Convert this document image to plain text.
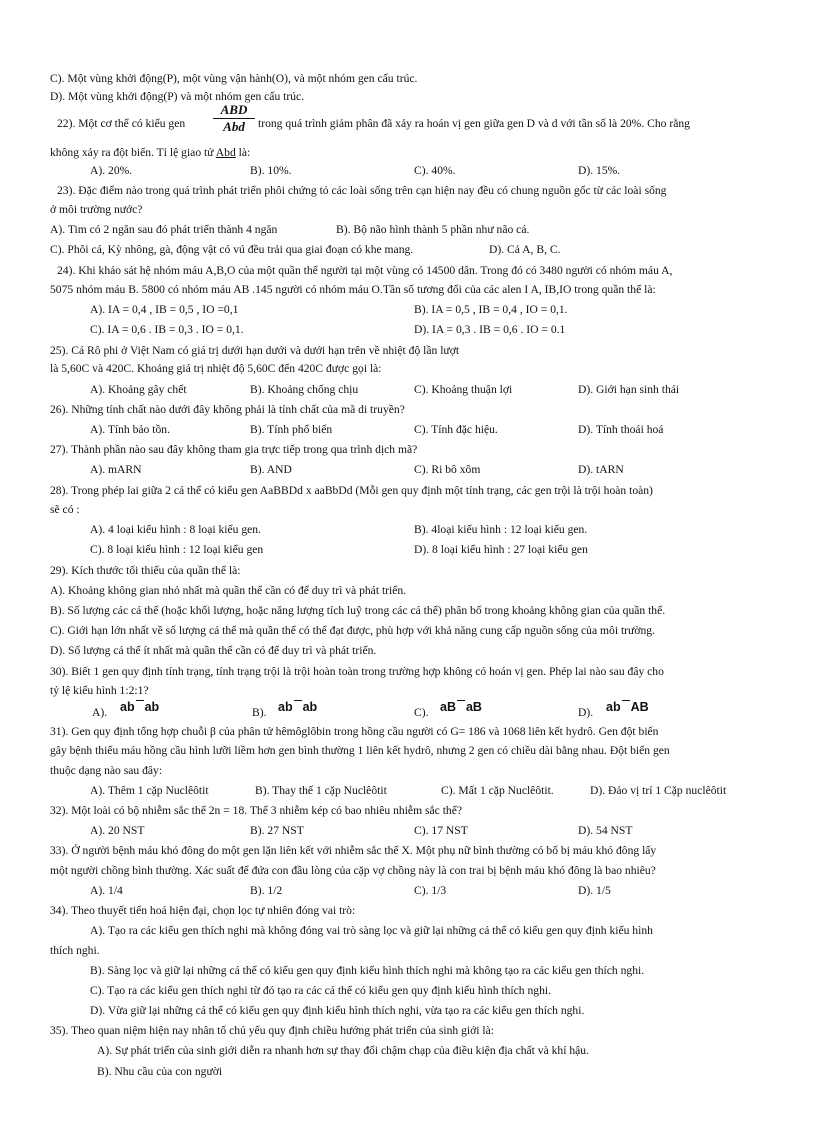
C). Một vùng khởi động(P), một vùng vận hành(O), và một nhóm gen cấu trúc.
D). Một vùng khởi động(P) và một nhóm gen cấu trúc.
22). Một cơ thể có kiểu gen
ABD
Abd	trong quá trình giảm phân đã xảy ra hoán vị gen giữa gen D và d với tần số là 20%. Cho rằng
không xảy ra đột biến. Tỉ lệ giao tử Abd là:
A). 20%.	B). 10%.	C). 40%.	D). 15%.
23). Đặc điểm nào trong quá trình phát triển phôi chứng tỏ các loài sống trên cạn hiện nay đều có chung nguồn gốc từ các loài sống
ở môi trường nước?
A). Tim có 2 ngăn sau đó phát triển thành 4 ngăn	B). Bộ não hình thành 5 phần như não cá.
C). Phôi cá, Kỳ nhông, gà, động vật có vú đều trải qua giai đoạn có khe mang.	D). Cả A, B, C.
24). Khi khảo sát hệ nhóm máu A,B,O của một quần thể người tại một vùng có 14500 dân. Trong đó có 3480 người có nhóm máu A,
5075 nhóm máu B. 5800 có nhóm máu AB .145 người có nhóm máu O.Tần số tương đối của các alen I A, IB,IO trong quần thể là:
A). IA = 0,4 , IB = 0,5 , IO =0,1	B). IA = 0,5 , IB = 0,4 , IO = 0,1.
C). IA = 0,6 . IB = 0,3 . IO = 0,1.	D). IA = 0,3 . IB = 0,6 . IO = 0.1
25). Cá Rô phi ở Việt Nam có giá trị dưới hạn dưới và dưới hạn trên về nhiệt độ lần lượt
là 5,60C và 420C. Khoảng giá trị nhiệt độ 5,60C đến 420C được gọi là:
A). Khoảng gây chết	B). Khoảng chống chịu	C). Khoảng thuận lợi	D). Giới hạn sinh thái
26). Những tính chất nào dưới đây không phải là tính chất của mã di truyền?
A). Tính bảo tồn.	B). Tính phổ biến	C). Tính đặc hiệu.	D). Tính thoái hoá
27). Thành phần nào sau đây không tham gia trực tiếp trong qua trình dịch mã?
A). mARN	B). AND	C). Ri bô xôm	D). tARN
28). Trong phép lai giữa 2 cá thể có kiểu gen AaBBDd x aaBbDd (Mỗi gen quy định một tính trạng, các gen trội là trội hoàn toàn)
sẽ có :
A). 4 loại kiểu hình : 8 loại kiểu gen.	B). 4loại kiểu hình : 12 loại kiểu gen.
C). 8 loại kiểu hình : 12 loại kiểu gen	D). 8 loại kiểu hình : 27 loại kiểu gen
29). Kích thước tối thiểu của quần thể là:
A). Khoảng không gian nhỏ nhất mà quần thể cần có để duy trì và phát triển.
B). Số lượng các cá thể (hoặc khối lượng, hoặc năng lượng tích luỹ trong các cá thể) phân bố trong khoảng không gian của quần thể.
C). Giới hạn lớn nhất về số lượng cá thể mà quần thể có thể đạt được, phù hợp với khả năng cung cấp nguồn sống của môi trường.
D). Số lượng cá thể ít nhất mà quần thể cần có để duy trì và phát triển.
30). Biết 1 gen quy định tính trạng, tính trạng trội là trội hoàn toàn trong trường hợp không có hoán vị gen. Phép lai nào sau đây cho
tỷ lệ kiểu hình 1:2:1?
A). ab ab	B). ab ab	C). aB aB	D). ab AB
31). Gen quy định tổng hợp chuỗi β của phân tử hêmôglôbin trong hồng cầu người có G= 186 và 1068 liên kết hydrô. Gen đột biến
gây bệnh thiếu máu hồng cầu hình lưỡi liềm hơn gen bình thường 1 liên kết hydrô, nhưng 2 gen có chiều dài bằng nhau. Đột biến gen
thuộc dạng nào sau đây:
A). Thêm 1 cặp Nuclêôtit	B). Thay thế 1 cặp Nuclêôtit	C). Mất 1 cặp Nuclêôtit.	D). Đảo vị trí 1 Cặp nuclêôtit
32). Một loài có bộ nhiễm sắc thể 2n = 18. Thể 3 nhiễm kép có bao nhiêu nhiễm sắc thể?
A). 20 NST	B). 27 NST	C). 17 NST	D). 54 NST
33). Ở người bệnh máu khó đông do một gen lặn liên kết với nhiễm sắc thể X. Một phụ nữ bình thường có bố bị máu khó đông lấy
một người chồng bình thường. Xác suất để đứa con đầu lòng của cặp vợ chồng này là con trai bị bệnh máu khó đông là bao nhiêu?
A). 1/4	B). 1/2	C). 1/3	D). 1/5
34). Theo thuyết tiến hoá hiện đại, chọn lọc tự nhiên đóng vai trò:
A). Tạo ra các kiểu gen thích nghi mà không đóng vai trò sàng lọc và giữ lại những cá thể có kiểu gen quy định kiểu hình
thích nghi.
B). Sàng lọc và giữ lại những cá thể có kiểu gen quy định kiểu hình thích nghi mà không tạo ra các kiểu gen thích nghi.
C). Tạo ra các kiểu gen thích nghi từ đó tạo ra các cá thể có kiểu gen quy định kiểu hình thích nghi.
D). Vừa giữ lại những cá thể có kiểu gen quy định kiểu hình thích nghi, vừa tạo ra các kiểu gen thích nghi.
35). Theo quan niệm hiện nay nhân tố chủ yếu quy định chiều hướng phát triển của sinh giới là:
A). Sự phát triển của sinh giới diễn ra nhanh hơn sự thay đổi chậm chạp của điều kiện địa chất và khí hậu.
B). Nhu cầu của con người
